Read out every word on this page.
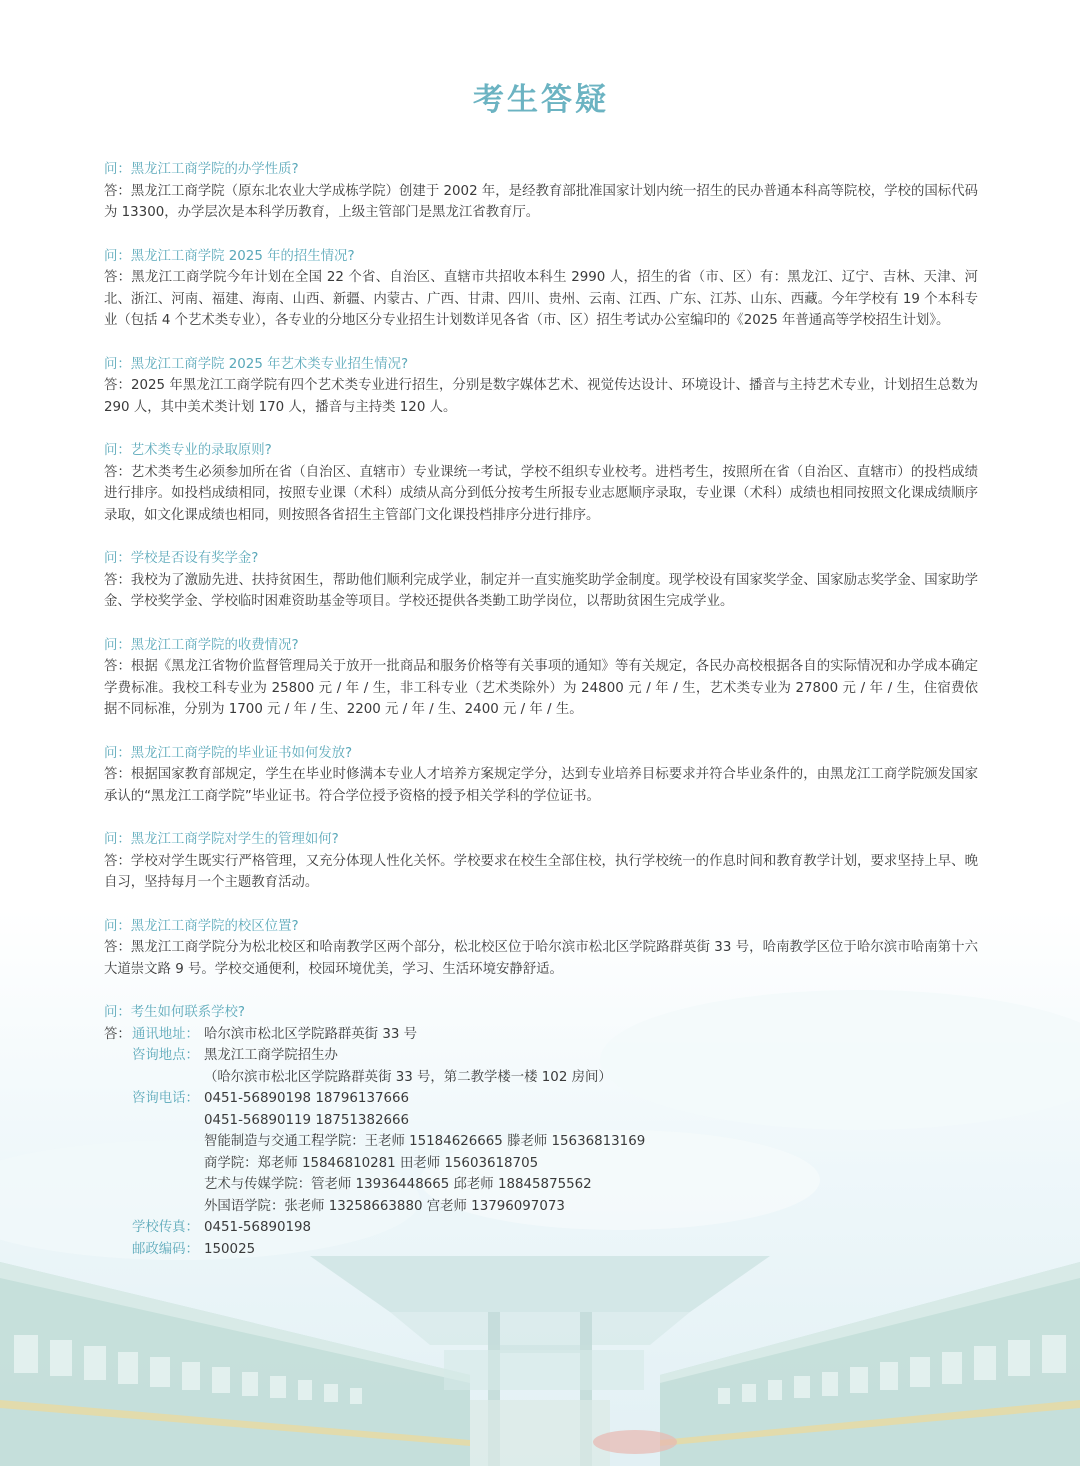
考生答疑

问：黑龙江工商学院的办学性质?

答：黑龙江工商学院（原东北农业大学成栋学院）创建于 2002 年，是经教育部批准国家计划内统一招生的民办普通本科高等院校，学校的国标代码为 13300，办学层次是本科学历教育，上级主管部门是黑龙江省教育厅。

问：黑龙江工商学院 2025 年的招生情况?

答：黑龙江工商学院今年计划在全国 22 个省、自治区、直辖市共招收本科生 2990 人，招生的省（市、区）有：黑龙江、辽宁、吉林、天津、河北、浙江、河南、福建、海南、山西、新疆、内蒙古、广西、甘肃、四川、贵州、云南、江西、广东、江苏、山东、西藏。今年学校有 19 个本科专业（包括 4 个艺术类专业），各专业的分地区分专业招生计划数详见各省（市、区）招生考试办公室编印的《2025 年普通高等学校招生计划》。

问：黑龙江工商学院 2025 年艺术类专业招生情况?

答：2025 年黑龙江工商学院有四个艺术类专业进行招生，分别是数字媒体艺术、视觉传达设计、环境设计、播音与主持艺术专业，计划招生总数为 290 人，其中美术类计划 170 人，播音与主持类 120 人。

问：艺术类专业的录取原则?

答：艺术类考生必须参加所在省（自治区、直辖市）专业课统一考试，学校不组织专业校考。进档考生，按照所在省（自治区、直辖市）的投档成绩进行排序。如投档成绩相同，按照专业课（术科）成绩从高分到低分按考生所报专业志愿顺序录取，专业课（术科）成绩也相同按照文化课成绩顺序录取，如文化课成绩也相同，则按照各省招生主管部门文化课投档排序分进行排序。

问：学校是否设有奖学金?

答：我校为了激励先进、扶持贫困生，帮助他们顺利完成学业，制定并一直实施奖助学金制度。现学校设有国家奖学金、国家励志奖学金、国家助学金、学校奖学金、学校临时困难资助基金等项目。学校还提供各类勤工助学岗位，以帮助贫困生完成学业。

问：黑龙江工商学院的收费情况?

答：根据《黑龙江省物价监督管理局关于放开一批商品和服务价格等有关事项的通知》等有关规定，各民办高校根据各自的实际情况和办学成本确定学费标准。我校工科专业为 25800 元 / 年 / 生，非工科专业（艺术类除外）为 24800 元 / 年 / 生，艺术类专业为 27800 元 / 年 / 生，住宿费依据不同标准，分别为 1700 元 / 年 / 生、2200 元 / 年 / 生、2400 元 / 年 / 生。

问：黑龙江工商学院的毕业证书如何发放?

答：根据国家教育部规定，学生在毕业时修满本专业人才培养方案规定学分，达到专业培养目标要求并符合毕业条件的，由黑龙江工商学院颁发国家承认的“黑龙江工商学院”毕业证书。符合学位授予资格的授予相关学科的学位证书。

问：黑龙江工商学院对学生的管理如何?

答：学校对学生既实行严格管理，又充分体现人性化关怀。学校要求在校生全部住校，执行学校统一的作息时间和教育教学计划，要求坚持上早、晚自习，坚持每月一个主题教育活动。

问：黑龙江工商学院的校区位置?

答：黑龙江工商学院分为松北校区和哈南教学区两个部分，松北校区位于哈尔滨市松北区学院路群英街 33 号，哈南教学区位于哈尔滨市哈南第十六大道崇文路 9 号。学校交通便利，校园环境优美，学习、生活环境安静舒适。

问：考生如何联系学校?

答： 通讯地址： 哈尔滨市松北区学院路群英街 33 号
咨询地点： 黑龙江工商学院招生办
（哈尔滨市松北区学院路群英街 33 号，第二教学楼一楼 102 房间）
咨询电话： 0451-56890198 18796137666
0451-56890119 18751382666
智能制造与交通工程学院：王老师 15184626665 滕老师 15636813169
商学院：郑老师 15846810281 田老师 15603618705
艺术与传媒学院：管老师 13936448665 邱老师 18845875562
外国语学院：张老师 13258663880 宫老师 13796097073
学校传真： 0451-56890198
邮政编码： 150025
